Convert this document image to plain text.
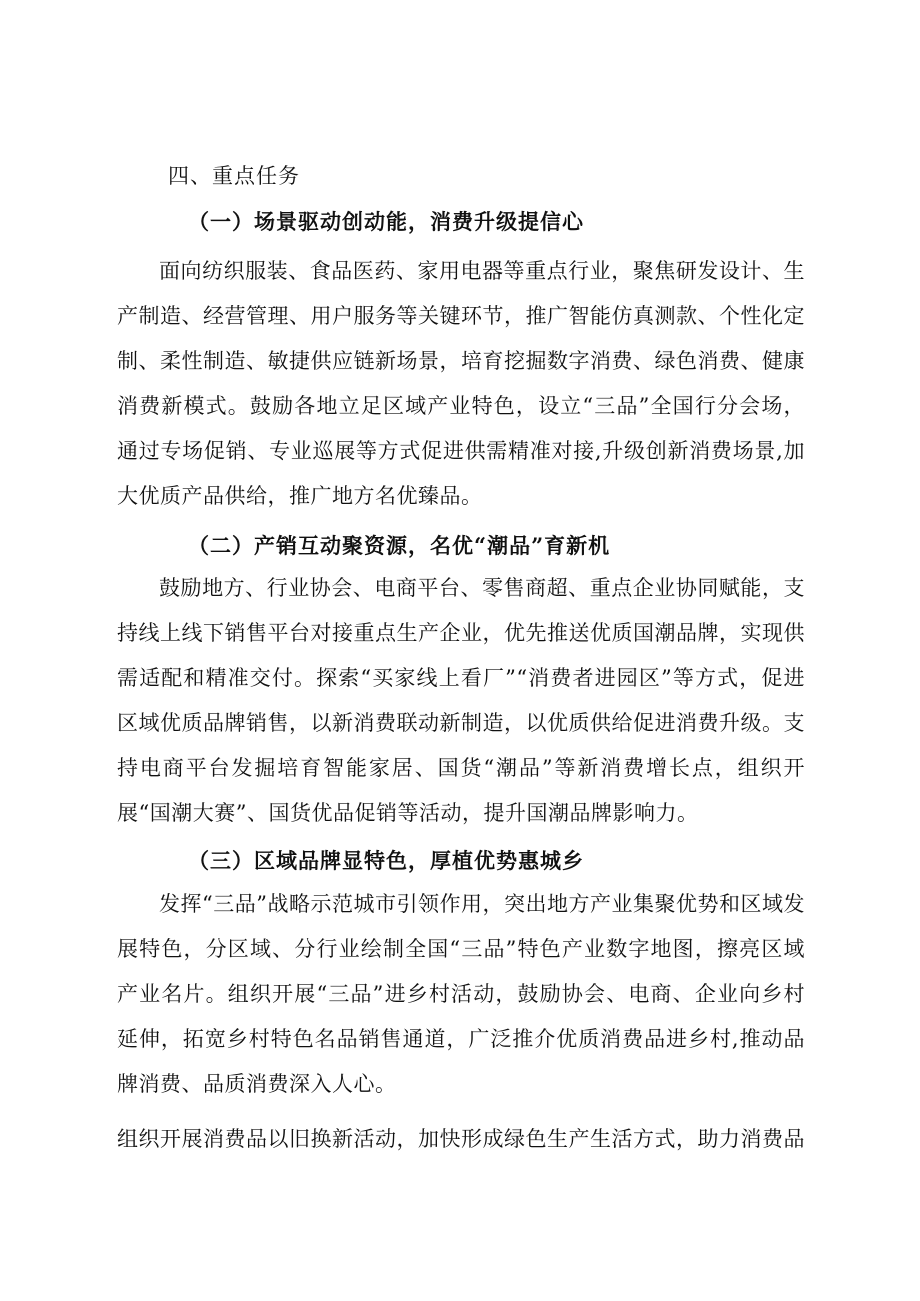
四、重点任务
（一）场景驱动创动能，消费升级提信心

面向纺织服装、食品医药、家用电器等重点行业，聚焦研发设计、生产制造、经营管理、用户服务等关键环节，推广智能仿真测款、个性化定制、柔性制造、敏捷供应链新场景，培育挖掘数字消费、绿色消费、健康消费新模式。鼓励各地立足区域产业特色，设立“三品”全国行分会场，通过专场促销、专业巡展等方式促进供需精准对接,升级创新消费场景,加大优质产品供给，推广地方名优臻品。

（二）产销互动聚资源，名优“潮品”育新机

鼓励地方、行业协会、电商平台、零售商超、重点企业协同赋能，支持线上线下销售平台对接重点生产企业，优先推送优质国潮品牌，实现供需适配和精准交付。探索“买家线上看厂”“消费者进园区”等方式，促进区域优质品牌销售，以新消费联动新制造，以优质供给促进消费升级。支持电商平台发掘培育智能家居、国货“潮品”等新消费增长点，组织开展“国潮大赛”、国货优品促销等活动，提升国潮品牌影响力。

（三）区域品牌显特色，厚植优势惠城乡

发挥“三品”战略示范城市引领作用，突出地方产业集聚优势和区域发展特色，分区域、分行业绘制全国“三品”特色产业数字地图，擦亮区域产业名片。组织开展“三品”进乡村活动，鼓励协会、电商、企业向乡村延伸，拓宽乡村特色名品销售通道，广泛推介优质消费品进乡村,推动品牌消费、品质消费深入人心。

组织开展消费品以旧换新活动，加快形成绿色生产生活方式，助力消费品
